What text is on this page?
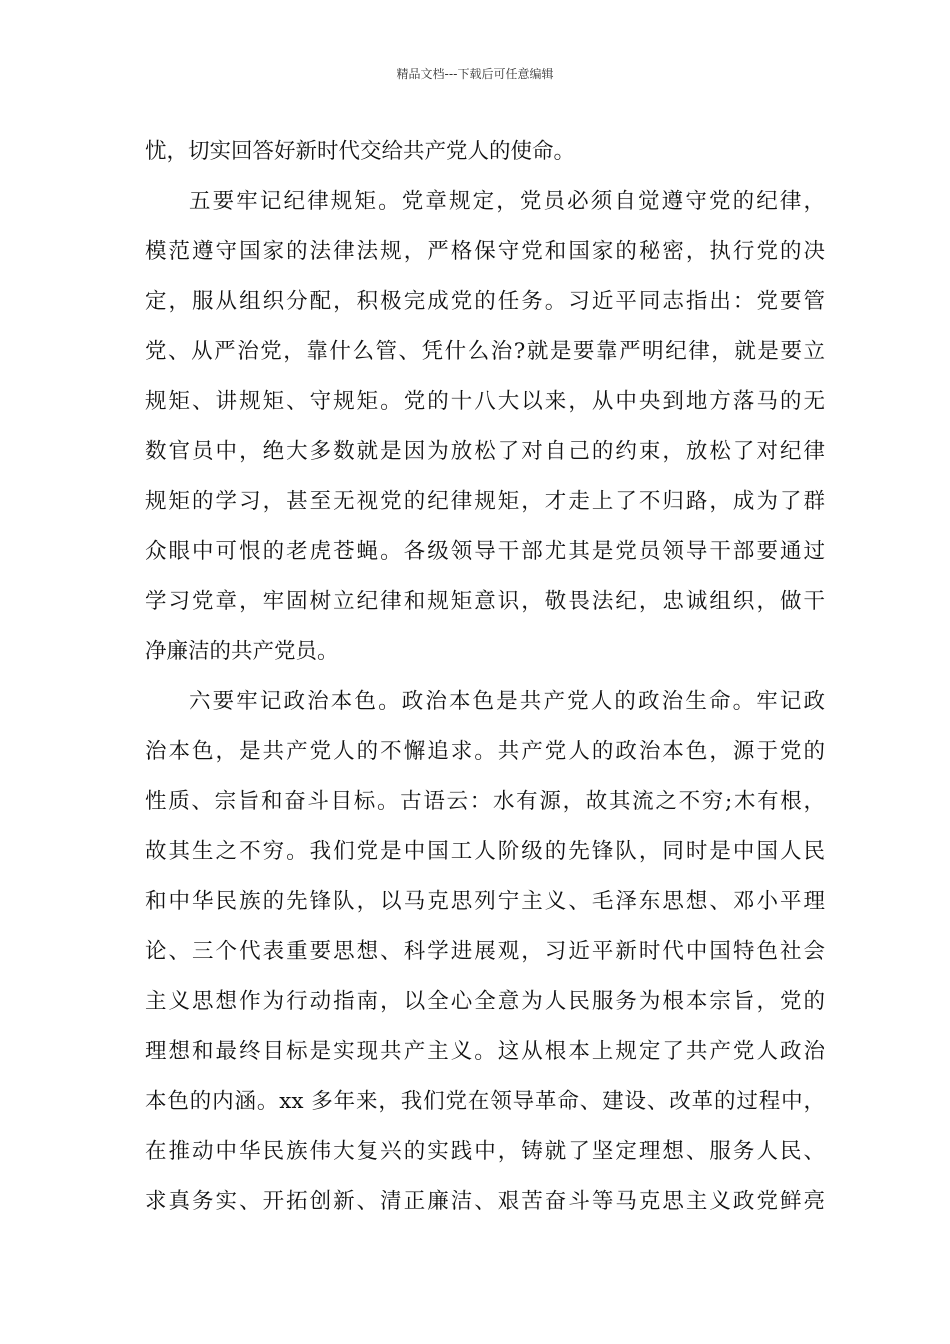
精品文档---下载后可任意编辑
忧，切实回答好新时代交给共产党人的使命。
五要牢记纪律规矩。党章规定，党员必须自觉遵守党的纪律，
模范遵守国家的法律法规，严格保守党和国家的秘密，执行党的决
定，服从组织分配，积极完成党的任务。习近平同志指出：党要管
党、从严治党，靠什么管、凭什么治?就是要靠严明纪律，就是要立
规矩、讲规矩、守规矩。党的十八大以来，从中央到地方落马的无
数官员中，绝大多数就是因为放松了对自己的约束，放松了对纪律
规矩的学习，甚至无视党的纪律规矩，才走上了不归路，成为了群
众眼中可恨的老虎苍蝇。各级领导干部尤其是党员领导干部要通过
学习党章，牢固树立纪律和规矩意识，敬畏法纪，忠诚组织，做干
净廉洁的共产党员。
六要牢记政治本色。政治本色是共产党人的政治生命。牢记政
治本色，是共产党人的不懈追求。共产党人的政治本色，源于党的
性质、宗旨和奋斗目标。古语云：水有源，故其流之不穷;木有根，
故其生之不穷。我们党是中国工人阶级的先锋队，同时是中国人民
和中华民族的先锋队，以马克思列宁主义、毛泽东思想、邓小平理
论、三个代表重要思想、科学进展观，习近平新时代中国特色社会
主义思想作为行动指南，以全心全意为人民服务为根本宗旨，党的
理想和最终目标是实现共产主义。这从根本上规定了共产党人政治
本色的内涵。xx 多年来，我们党在领导革命、建设、改革的过程中，
在推动中华民族伟大复兴的实践中，铸就了坚定理想、服务人民、
求真务实、开拓创新、清正廉洁、艰苦奋斗等马克思主义政党鲜亮
